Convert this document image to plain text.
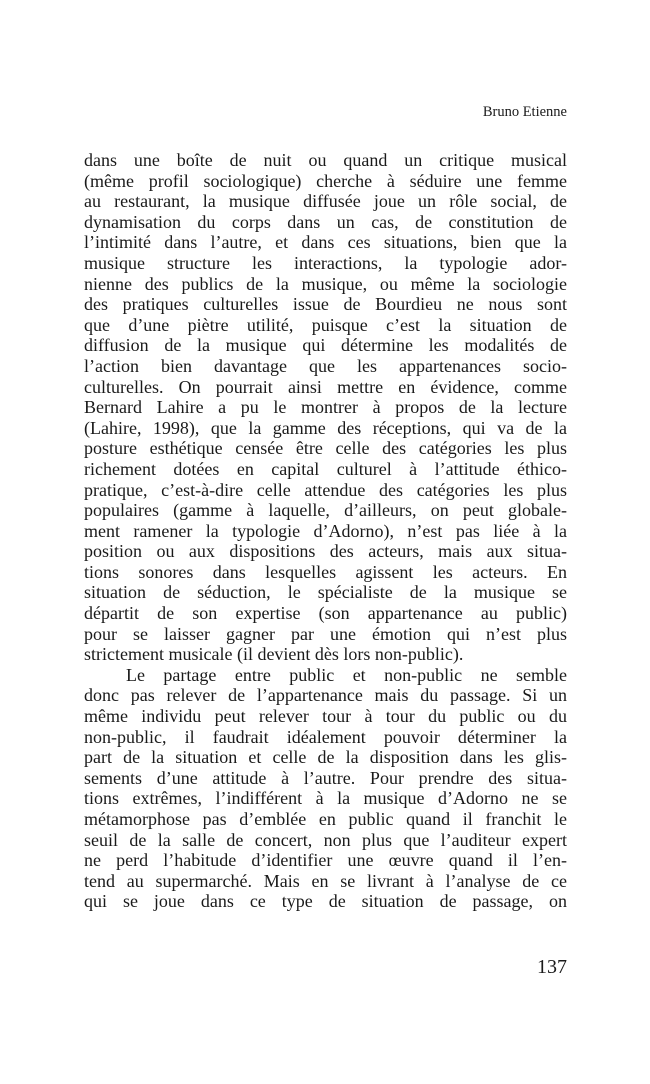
Bruno Etienne
dans une boîte de nuit ou quand un critique musical
(même profil sociologique) cherche à séduire une femme
au restaurant, la musique diffusée joue un rôle social, de
dynamisation du corps dans un cas, de constitution de
l’intimité dans l’autre, et dans ces situations, bien que la
musique structure les interactions, la typologie ador-
nienne des publics de la musique, ou même la sociologie
des pratiques culturelles issue de Bourdieu ne nous sont
que d’une piètre utilité, puisque c’est la situation de
diffusion de la musique qui détermine les modalités de
l’action bien davantage que les appartenances socio-
culturelles. On pourrait ainsi mettre en évidence, comme
Bernard Lahire a pu le montrer à propos de la lecture
(Lahire, 1998), que la gamme des réceptions, qui va de la
posture esthétique censée être celle des catégories les plus
richement dotées en capital culturel à l’attitude éthico-
pratique, c’est-à-dire celle attendue des catégories les plus
populaires (gamme à laquelle, d’ailleurs, on peut globale-
ment ramener la typologie d’Adorno), n’est pas liée à la
position ou aux dispositions des acteurs, mais aux situa-
tions sonores dans lesquelles agissent les acteurs. En
situation de séduction, le spécialiste de la musique se
départit de son expertise (son appartenance au public)
pour se laisser gagner par une émotion qui n’est plus
strictement musicale (il devient dès lors non-public).
Le partage entre public et non-public ne semble
donc pas relever de l’appartenance mais du passage. Si un
même individu peut relever tour à tour du public ou du
non-public, il faudrait idéalement pouvoir déterminer la
part de la situation et celle de la disposition dans les glis-
sements d’une attitude à l’autre. Pour prendre des situa-
tions extrêmes, l’indifférent à la musique d’Adorno ne se
métamorphose pas d’emblée en public quand il franchit le
seuil de la salle de concert, non plus que l’auditeur expert
ne perd l’habitude d’identifier une œuvre quand il l’en-
tend au supermarché. Mais en se livrant à l’analyse de ce
qui se joue dans ce type de situation de passage, on
137
